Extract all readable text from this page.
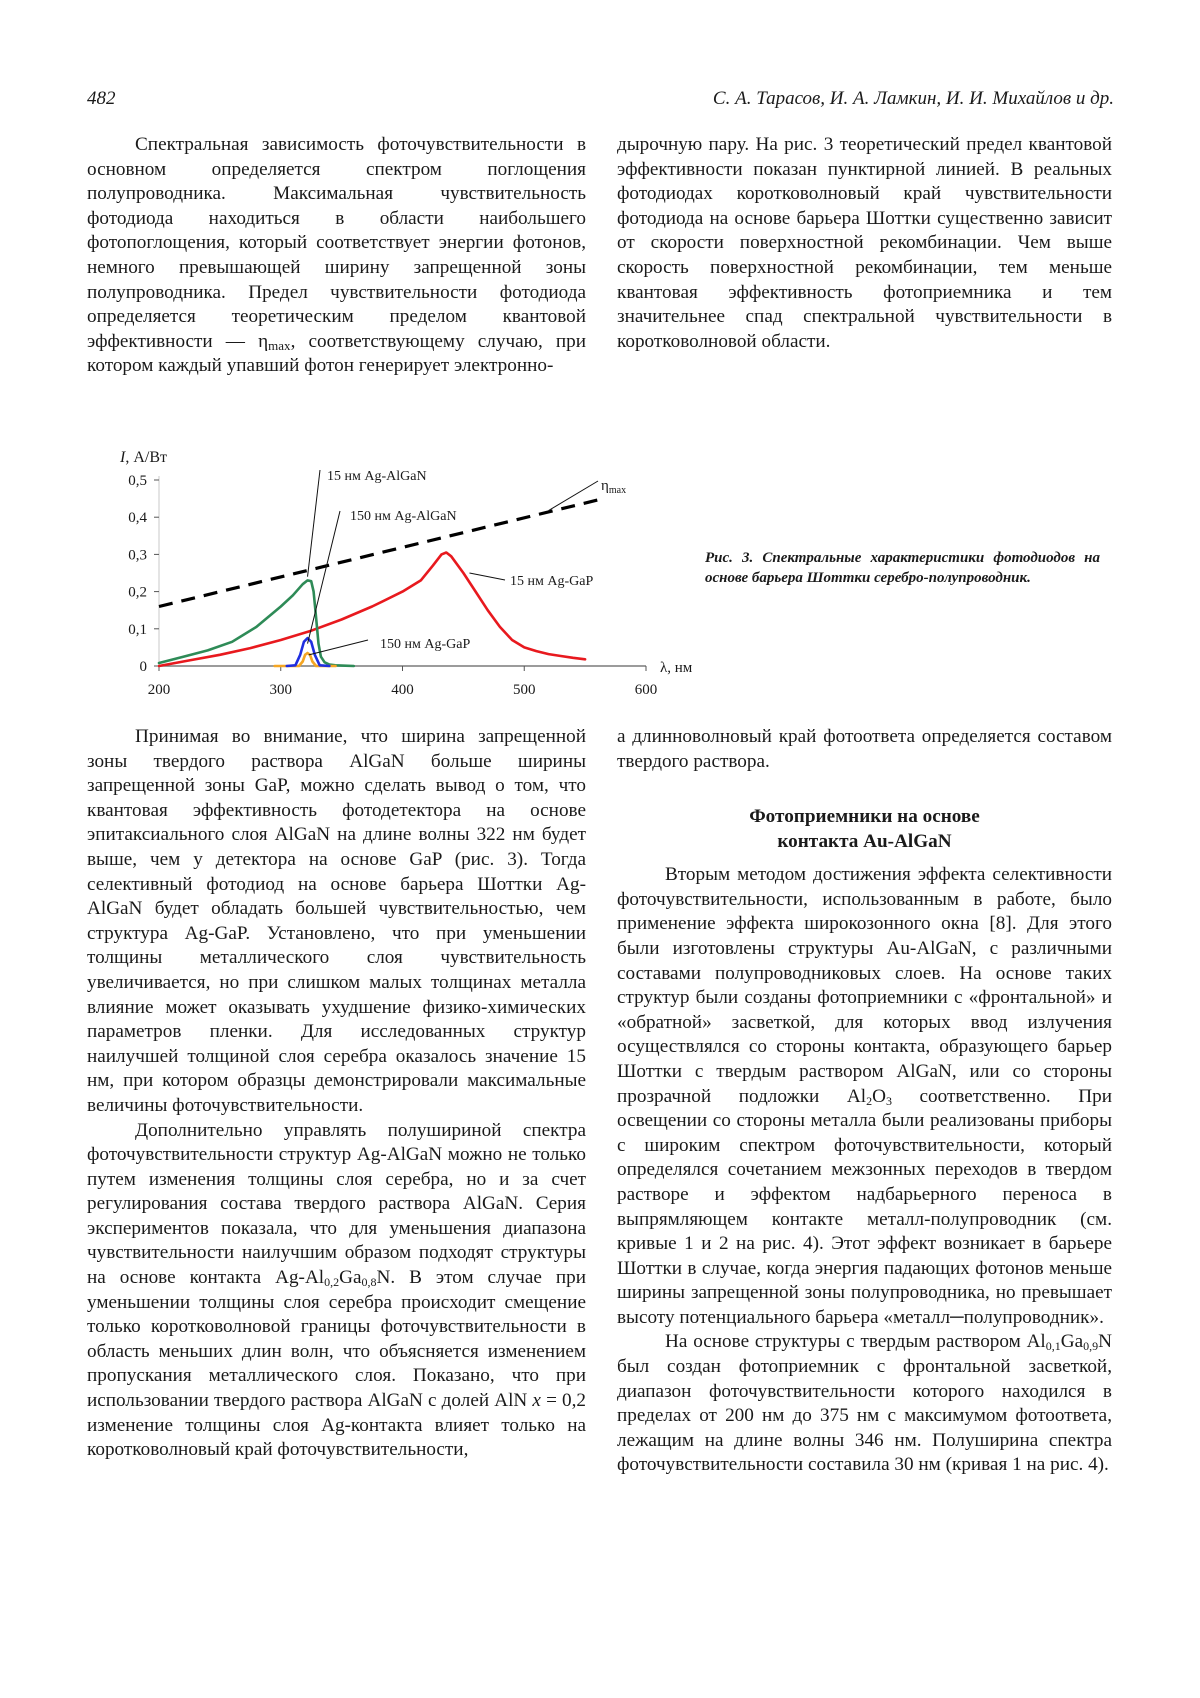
482	С. А. Тарасов, И. А. Ламкин, И. И. Михайлов и др.

Спектральная зависимость фоточувствительности в основном определяется спектром поглощения полупроводника. Максимальная чувствительность фотодиода находиться в области наибольшего фотопоглощения, который соответствует энергии фотонов, немного превышающей ширину запрещенной зоны полупроводника. Предел чувствительности фотодиода определяется теоретическим пределом квантовой эффективности — $\eta_{max}$, соответствующему случаю, при котором каждый упавший фотон генерирует электронно-

дырочную пару. На рис. 3 теоретический предел квантовой эффективности показан пунктирной линией. В реальных фотодиодах коротковолновый край чувствительности фотодиода на основе барьера Шоттки существенно зависит от скорости поверхностной рекомбинации. Чем выше скорость поверхностной рекомбинации, тем меньше квантовая эффективность фотоприемника и тем значительнее спад спектральной чувствительности в коротковолновой области.

0
0,1
0,2
0,3
0,4
0,5
200	300	400	500	600
I, А/Вт
λ, нм
15 нм Ag-AlGaN
150 нм Ag-AlGaN
$\eta_{max}$
15 нм Ag-GaP
150 нм Ag-GaP
Рис. 3. Спектральные характеристики фотодиодов на основе барьера Шоттки серебро-полупроводник.

Принимая во внимание, что ширина запрещенной зоны твердого раствора AlGaN больше ширины запрещенной зоны GaP, можно сделать вывод о том, что квантовая эффективность фотодетектора на основе эпитаксиального слоя AlGaN на длине волны 322 нм будет выше, чем у детектора на основе GaP (рис. 3). Тогда селективный фотодиод на основе барьера Шоттки Ag-AlGaN будет обладать большей чувствительностью, чем структура Ag-GaP. Установлено, что при уменьшении толщины металлического слоя чувствительность увеличивается, но при слишком малых толщинах металла влияние может оказывать ухудшение физико-химических параметров пленки. Для исследованных структур наилучшей толщиной слоя серебра оказалось значение 15 нм, при котором образцы демонстрировали максимальные величины фоточувствительности.

Дополнительно управлять полушириной спектра фоточувствительности структур Ag-AlGaN можно не только путем изменения толщины слоя серебра, но и за счет регулирования состава твердого раствора AlGaN. Серия экспериментов показала, что для уменьшения диапазона чувствительности наилучшим образом подходят структуры на основе контакта $Ag-Al_{0,2}Ga_{0,8}N$. В этом случае при уменьшении толщины слоя серебра происходит смещение только коротковолновой границы фоточувствительности в область меньших длин волн, что объясняется изменением пропускания металлического слоя. Показано, что при использовании твердого раствора AlGaN с долей AlN x = 0,2 изменение толщины слоя Ag-контакта влияет только на коротковолновый край фоточувствительности,

а длинноволновый край фотоответа определяется составом твердого раствора.

Фотоприемники на основе
контакта Au-AlGaN

Вторым методом достижения эффекта селективности фоточувствительности, использованным в работе, было применение эффекта широкозонного окна [8]. Для этого были изготовлены структуры Au-AlGaN, с различными составами полупроводниковых слоев. На основе таких структур были созданы фотоприемники с «фронтальной» и «обратной» засветкой, для которых ввод излучения осуществлялся со стороны контакта, образующего барьер Шоттки с твердым раствором AlGaN, или со стороны прозрачной подложки $Al_2O_3$ соответственно. При освещении со стороны металла были реализованы приборы с широким спектром фоточувствительности, который определялся сочетанием межзонных переходов в твердом растворе и эффектом надбарьерного переноса в выпрямляющем контакте металл-полупроводник (см. кривые 1 и 2 на рис. 4). Этот эффект возникает в барьере Шоттки в случае, когда энергия падающих фотонов меньше ширины запрещенной зоны полупроводника, но превышает высоту потенциального барьера «металл─полупроводник».

На основе структуры с твердым раствором $Al_{0,1}Ga_{0,9}N$ был создан фотоприемник с фронтальной засветкой, диапазон фоточувствительности которого находился в пределах от 200 нм до 375 нм с максимумом фотоответа, лежащим на длине волны 346 нм. Полуширина спектра фоточувствительности составила 30 нм (кривая 1 на рис. 4).
